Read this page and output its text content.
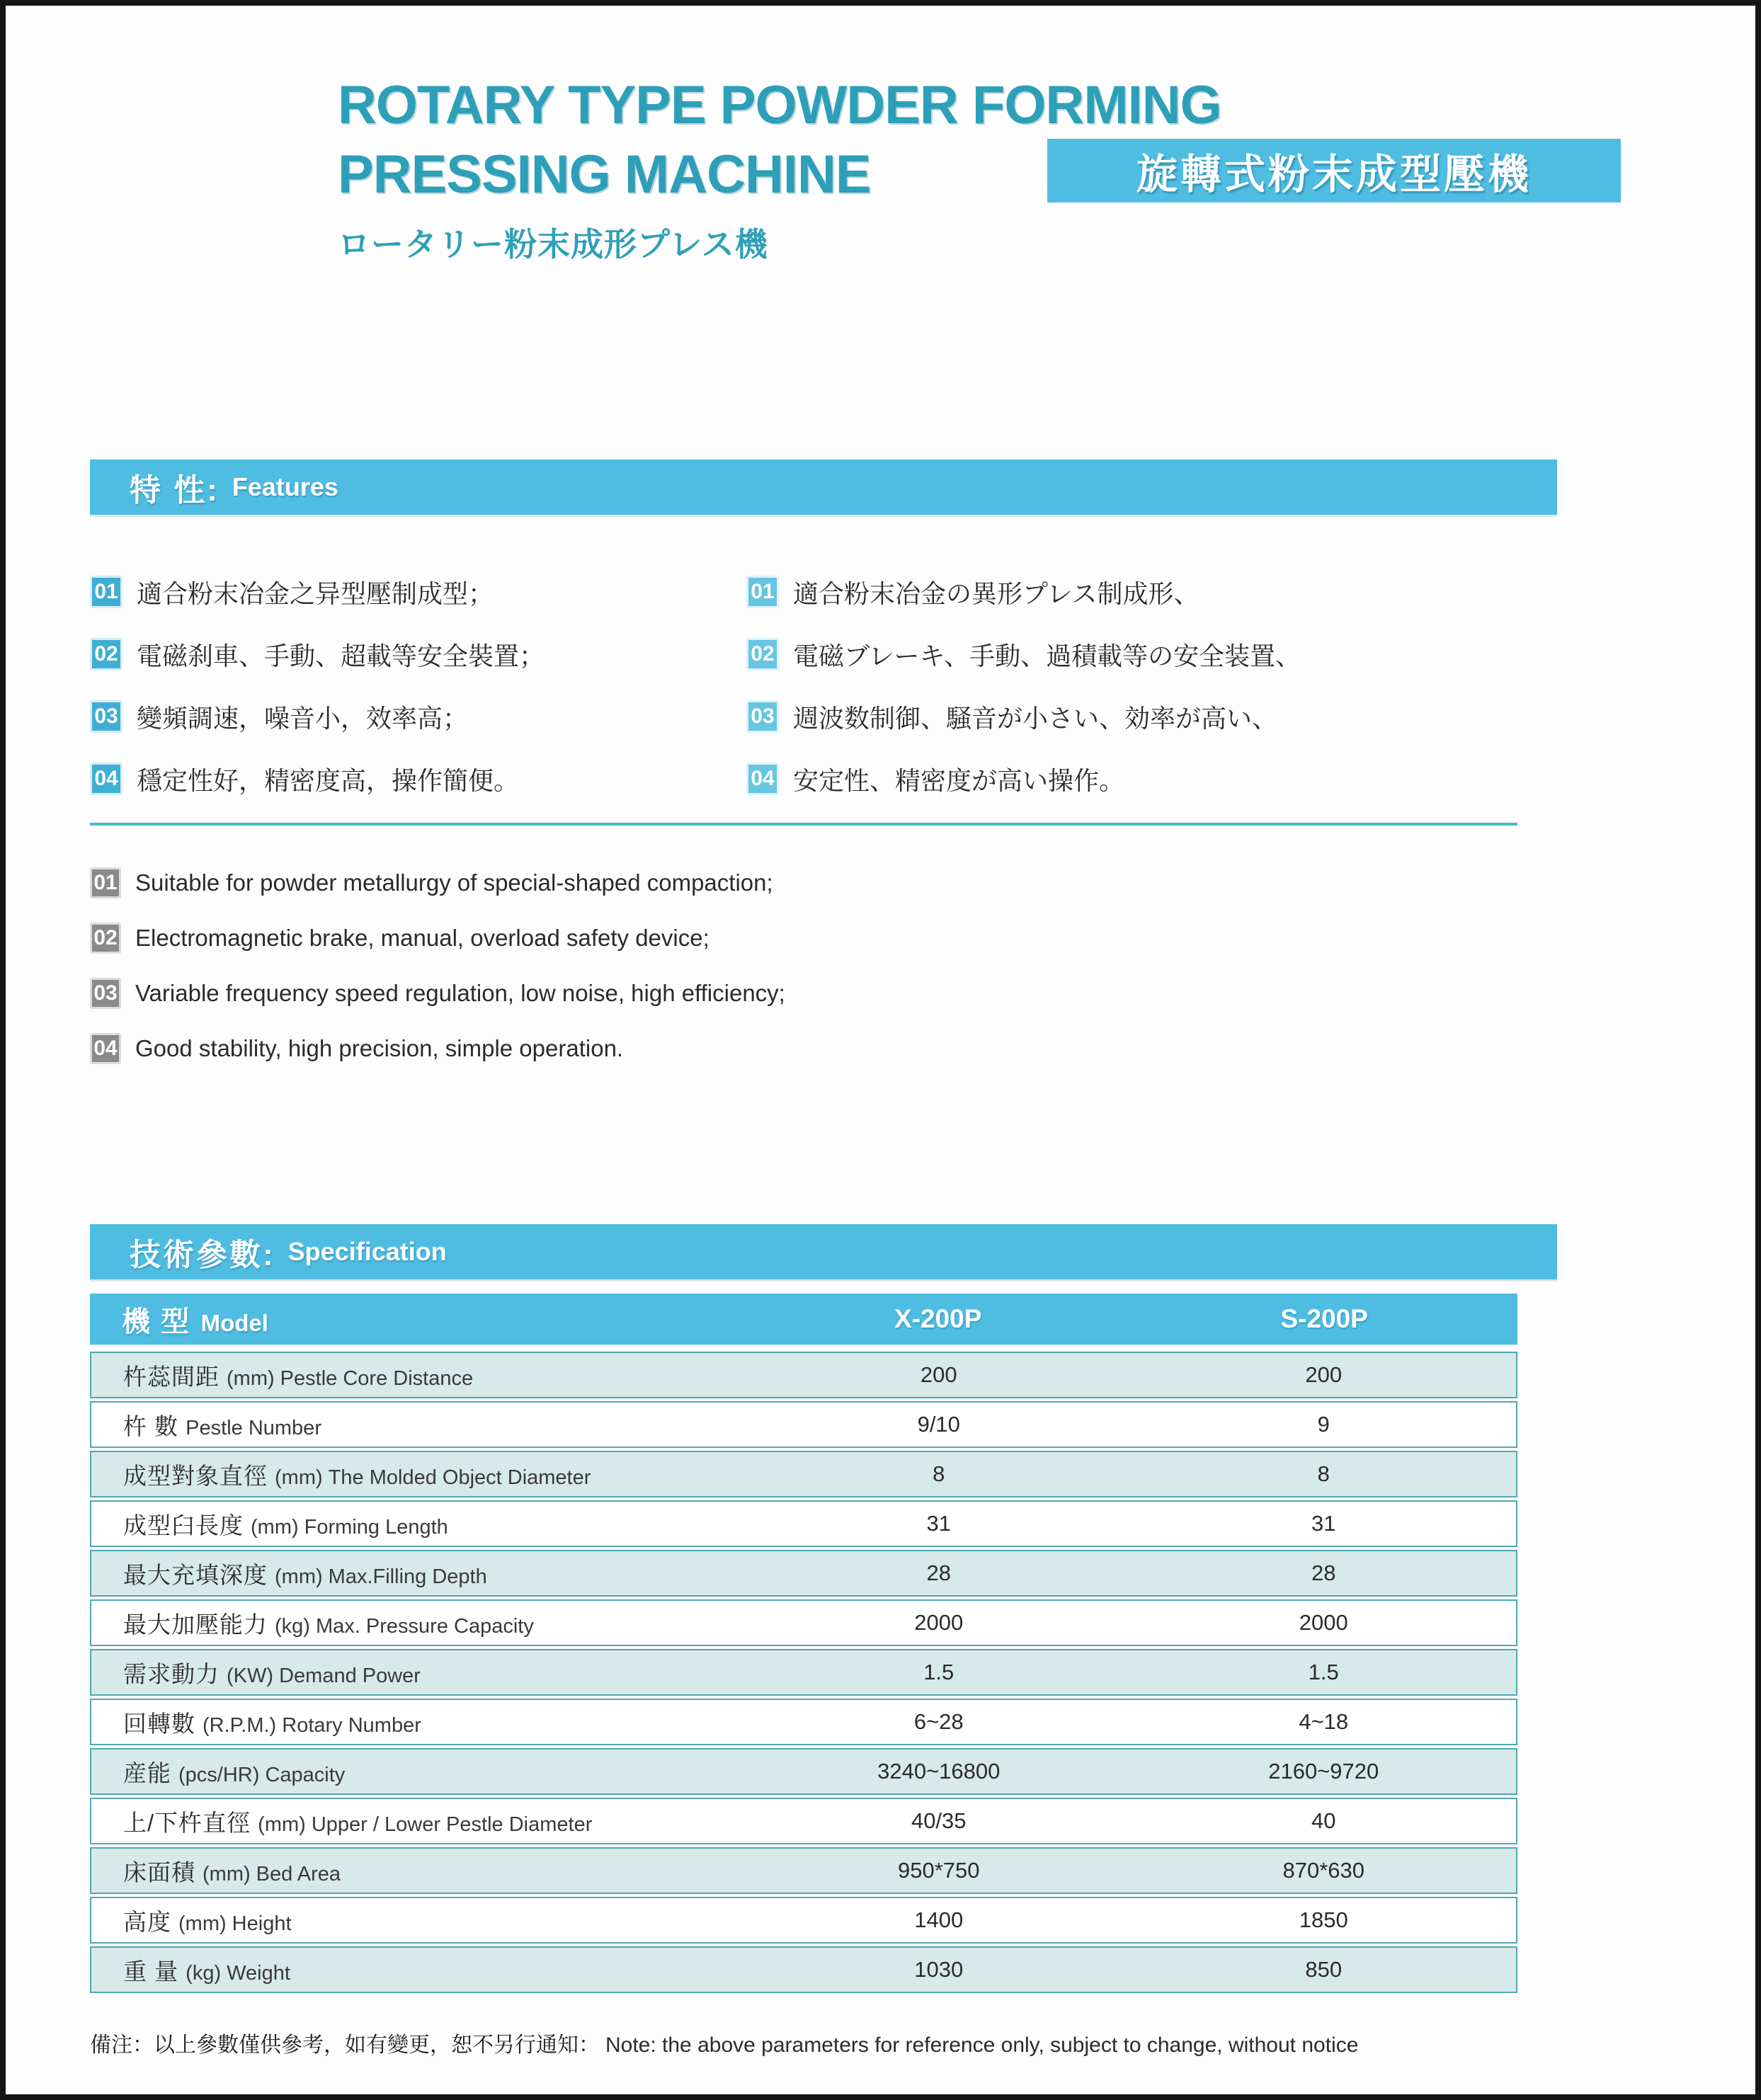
ROTARY TYPE POWDER FORMING
PRESSING MACHINE	旋轉式粉末成型壓機
ロータリー粉末成形プレス機
特 性: Features
01 適合粉末冶金之异型壓制成型；	01 適合粉末冶金の異形プレス制成形、
02 電磁刹車、手動、超載等安全裝置；	02 電磁ブレーキ、手動、過積載等の安全装置、
03 變頻調速，噪音小，效率高；	03 週波数制御、騒音が小さい、効率が高い、
04 穩定性好，精密度高，操作簡便。	04 安定性、精密度が高い操作。
01 Suitable for powder metallurgy of special-shaped compaction;
02 Electromagnetic brake, manual, overload safety device;
03 Variable frequency speed regulation, low noise, high efficiency;
04 Good stability, high precision, simple operation.
技術參數: Specification
機 型 Model	X-200P	S-200P
杵蕊間距 (mm) Pestle Core Distance	200	200
杵 數 Pestle Number	9/10	9
成型對象直徑 (mm) The Molded Object Diameter	8	8
成型臼長度 (mm) Forming Length	31	31
最大充填深度 (mm) Max.Filling Depth	28	28
最大加壓能力 (kg) Max. Pressure Capacity	2000	2000
需求動力 (KW) Demand Power	1.5	1.5
回轉數 (R.P.M.) Rotary Number	6~28	4~18
産能 (pcs/HR) Capacity	3240~16800	2160~9720
上/下杵直徑 (mm) Upper / Lower Pestle Diameter	40/35	40
床面積 (mm) Bed Area	950*750	870*630
高度 (mm) Height	1400	1850
重 量 (kg) Weight	1030	850
備注：以上參數僅供參考，如有變更，恕不另行通知： Note: the above parameters for reference only, subject to change, without notice
